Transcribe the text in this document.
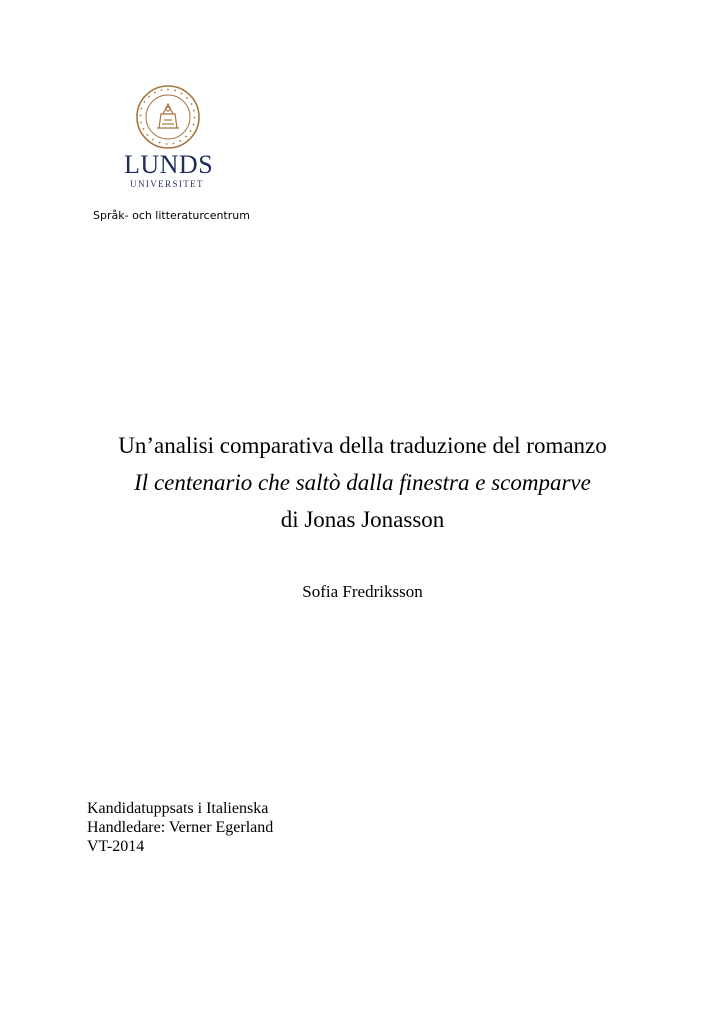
LUNDS
UNIVERSITET
Språk- och litteraturcentrum
Un’analisi comparativa della traduzione del romanzo
Il centenario che saltò dalla finestra e scomparve
di Jonas Jonasson
Sofia Fredriksson
Kandidatuppsats i Italienska
Handledare: Verner Egerland
VT-2014
